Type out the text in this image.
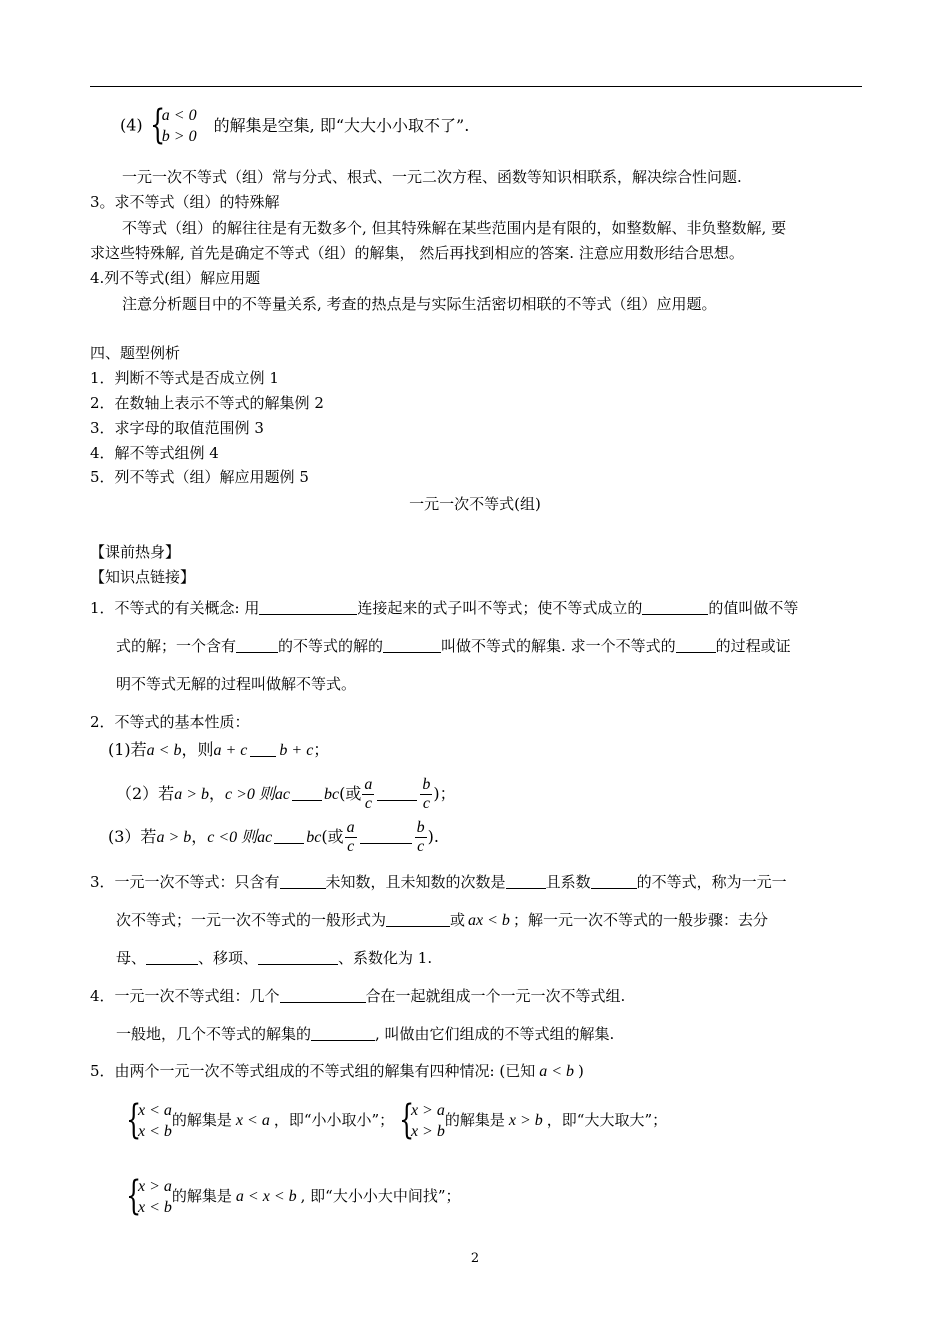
(4) {
a < 0
b > 0
的解集是空集, 即“大大小小取不了”.
一元一次不等式（组）常与分式、根式、一元二次方程、函数等知识相联系，解决综合性问题.
3。求不等式（组）的特殊解
不等式（组）的解往往是有无数多个, 但其特殊解在某些范围内是有限的，如整数解、非负整数解, 要
求这些特殊解, 首先是确定不等式（组）的解集， 然后再找到相应的答案. 注意应用数形结合思想。
4.列不等式(组）解应用题
注意分析题目中的不等量关系, 考查的热点是与实际生活密切相联的不等式（组）应用题。
四、题型例析
1．判断不等式是否成立例 1
2．在数轴上表示不等式的解集例 2
3．求字母的取值范围例 3
4．解不等式组例 4
5．列不等式（组）解应用题例 5
一元一次不等式(组)
【课前热身】
【知识点链接】
1．不等式的有关概念: 用	连接起来的式子叫不等式；使不等式成立的	的值叫做不等
式的解；一个含有	的不等式的解的	叫做不等式的解集. 求一个不等式的	的过程或证
明不等式无解的过程叫做解不等式。
2．不等式的基本性质：
(1)若a < b，则a + c b + c；
（2）若a > b，c >0 则ac bc(或 $\frac{a}{c}$	$\frac{b}{c}$ )；
(3）若a > b，c <0 则ac bc(或 $\frac{a}{c}$	$\frac{b}{c}$ ).
3．一元一次不等式：只含有	未知数，且未知数的次数是	且系数	的不等式，称为一元一
次不等式；一元一次不等式的一般形式为	或 ax < b ；解一元一次不等式的一般步骤：去分
母、	、移项、	、系数化为 1.
4．一元一次不等式组：几个	合在一起就组成一个一元一次不等式组.
一般地，几个不等式的解集的	, 叫做由它们组成的不等式组的解集.
5．由两个一元一次不等式组成的不等式组的解集有四种情况: (已知 a < b )
{
x < a
x < b
的解集是 x < a ，即“小小取小”； {
x > a
x > b
的解集是 x > b ，即“大大取大”；
{
x > a
x < b
的解集是 a < x < b , 即“大小小大中间找”；
2
